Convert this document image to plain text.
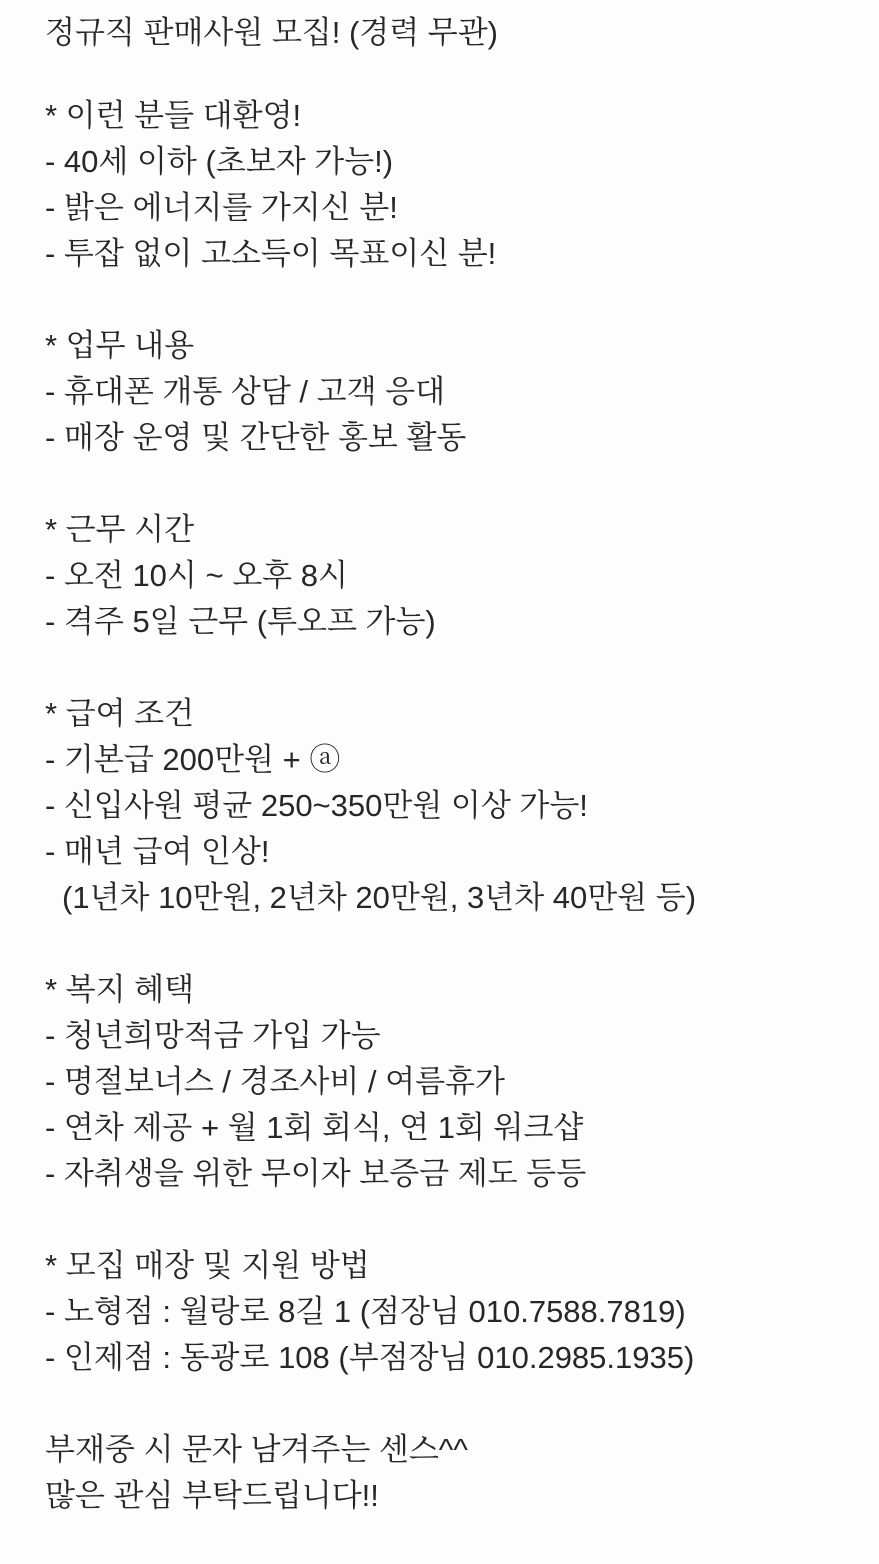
정규직 판매사원 모집! (경력 무관)
* 이런 분들 대환영!
- 40세 이하 (초보자 가능!)
- 밝은 에너지를 가지신 분!
- 투잡 없이 고소득이 목표이신 분!
* 업무 내용
- 휴대폰 개통 상담 / 고객 응대
- 매장 운영 및 간단한 홍보 활동
* 근무 시간
- 오전 10시 ~ 오후 8시
- 격주 5일 근무 (투오프 가능)
* 급여 조건
- 기본급 200만원 + ⓐ
- 신입사원 평균 250~350만원 이상 가능!
- 매년 급여 인상!
(1년차 10만원, 2년차 20만원, 3년차 40만원 등)
* 복지 혜택
- 청년희망적금 가입 가능
- 명절보너스 / 경조사비 / 여름휴가
- 연차 제공 + 월 1회 회식, 연 1회 워크샵
- 자취생을 위한 무이자 보증금 제도 등등
* 모집 매장 및 지원 방법
- 노형점 : 월랑로 8길 1 (점장님 010.7588.7819)
- 인제점 : 동광로 108 (부점장님 010.2985.1935)
부재중 시 문자 남겨주는 센스^^
많은 관심 부탁드립니다!!
